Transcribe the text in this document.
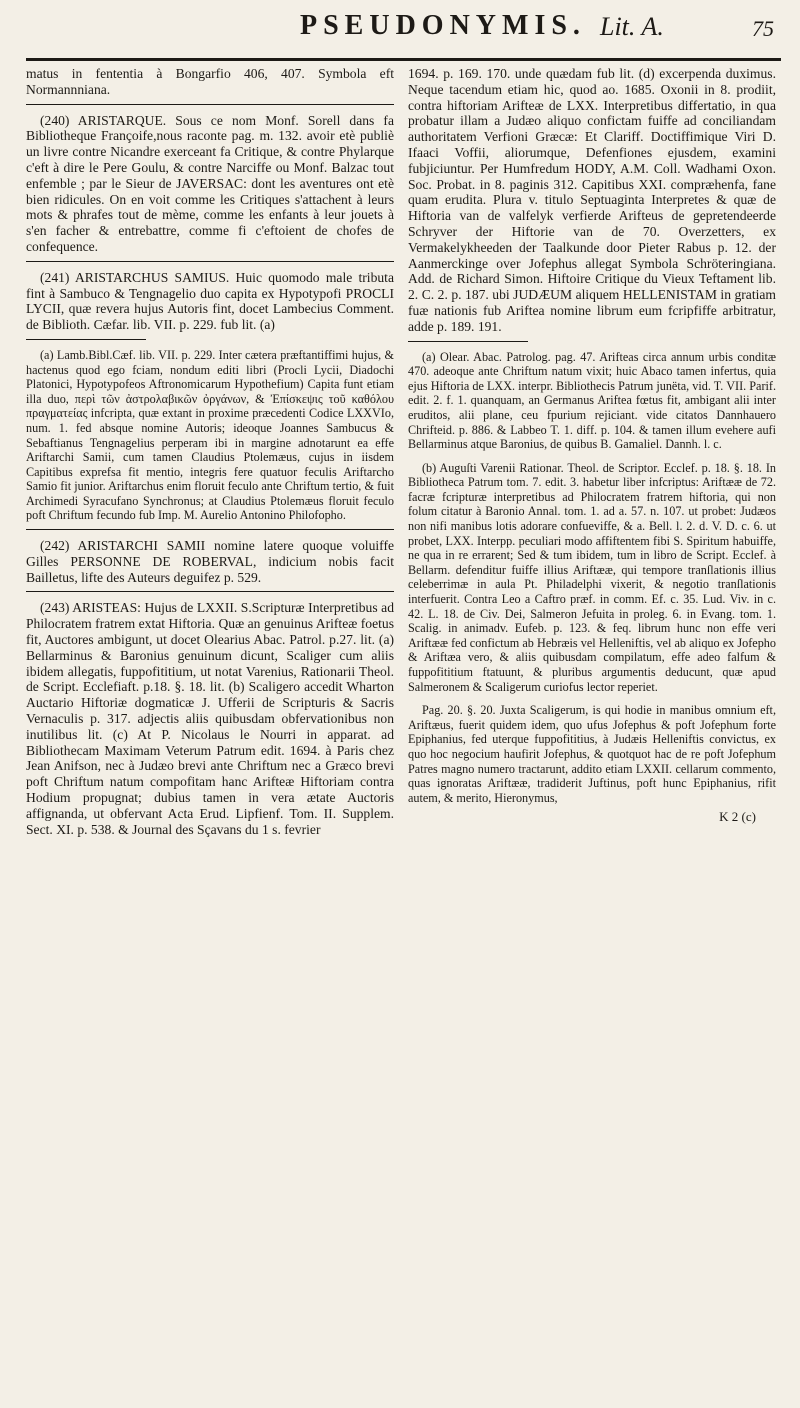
PSEUDONYMIS. Lit. A.	75

matus in fententia à Bongarfio 406, 407. Symbola eft Normannniana.

(240) ARISTARQUE. Sous ce nom Monf. Sorell dans fa Bibliotheque Françoife,nous raconte pag. m. 132. avoir etè publiè un livre contre Nicandre exerceant fa Critique, & contre Phylarque c'eft à dire le Pere Goulu, & contre Narciffe ou Monf. Balzac tout enfemble ; par le Sieur de JAVERSAC: dont les aventures ont etè bien ridicules. On en voit comme les Critiques s'attachent à leurs mots & phrafes tout de mème, comme les enfants à leur jouets à s'en facher & entrebattre, comme fi c'eftoient de chofes de confequence.

(241) ARISTARCHUS SAMIUS. Huic quomodo male tributa fint à Sambuco & Tengnagelio duo capita ex Hypotypofi PROCLI LYCII, quæ revera hujus Autoris fint, docet Lambecius Comment. de Biblioth. Cæfar. lib. VII. p. 229. fub lit. (a)

(a) Lamb.Bibl.Cæf. lib. VII. p. 229. Inter cætera præftantiffimi hujus, & hactenus quod ego fciam, nondum editi libri (Procli Lycii, Diadochi Platonici, Hypotypofeos Aftronomicarum Hypothefium) Capita funt etiam illa duo, περὶ τῶν ἀστρολαβικῶν ὀργάνων, & Ἐπίσκεψις τοῦ καθόλου πραγματείας infcripta, quæ extant in proxime præcedenti Codice LXXVIo, num. 1. fed absque nomine Autoris; ideoque Joannes Sambucus & Sebaftianus Tengnagelius perperam ibi in margine adnotarunt ea effe Ariftarchi Samii, cum tamen Claudius Ptolemæus, cujus in iisdem Capitibus exprefsa fit mentio, integris fere quatuor feculis Ariftarcho Samio fit junior. Ariftarchus enim floruit feculo ante Chriftum tertio, & fuit Archimedi Syracufano Synchronus; at Claudius Ptolemæus floruit feculo poft Chriftum fecundo fub Imp. M. Aurelio Antonino Philofopho.

(242) ARISTARCHI SAMII nomine latere quoque voluiffe Gilles PERSONNE DE ROBERVAL, indicium nobis facit Bailletus, lifte des Auteurs deguifez p. 529.

(243) ARISTEAS: Hujus de LXXII. S.Scripturæ Interpretibus ad Philocratem fratrem extat Hiftoria. Quæ an genuinus Arifteæ foetus fit, Auctores ambigunt, ut docet Olearius Abac. Patrol. p.27. lit. (a) Bellarminus & Baronius genuinum dicunt, Scaliger cum aliis ibidem allegatis, fuppofititium, ut notat Varenius, Rationarii Theol. de Script. Ecclefiaft. p.18. §. 18. lit. (b) Scaligero accedit Wharton Auctario Hiftoriæ dogmaticæ J. Ufferii de Scripturis & Sacris Vernaculis p. 317. adjectis aliis quibusdam obfervationibus non inutilibus lit. (c) At P. Nicolaus le Nourri in apparat. ad Bibliothecam Maximam Veterum Patrum edit. 1694. à Paris chez Jean Anifson, nec à Judæo brevi ante Chriftum nec a Græco brevi poft Chriftum natum compofitam hanc Arifteæ Hiftoriam contra Hodium propugnat; dubius tamen in vera ætate Auctoris affignanda, ut obfervant Acta Erud. Lipfienf. Tom. II. Supplem. Sect. XI. p. 538. & Journal des Sçavans du 1 s. fevrier

1694. p. 169. 170. unde quædam fub lit. (d) excerpenda duximus. Neque tacendum etiam hic, quod ao. 1685. Oxonii in 8. prodiit, contra hiftoriam Arifteæ de LXX. Interpretibus differtatio, in qua probatur illam a Judæo aliquo confictam fuiffe ad conciliandam authoritatem Verfioni Græcæ: Et Clariff. Doctiffimique Viri D. Ifaaci Voffii, aliorumque, Defenfiones ejusdem, examini fubjiciuntur. Per Humfredum HODY, A.M. Coll. Wadhami Oxon. Soc. Probat. in 8. paginis 312. Capitibus XXI. compræhenfa, fane quam erudita. Plura v. titulo Septuaginta Interpretes & quæ de Hiftoria van de valfelyk verfierde Arifteus de gepretendeerde Schryver der Hiftorie van de 70. Overzetters, ex Vermakelykheeden der Taalkunde door Pieter Rabus p. 12. der Aanmerckinge over Jofephus allegat Symbola Schröteringiana. Add. de Richard Simon. Hiftoire Critique du Vieux Teftament lib. 2. C. 2. p. 187. ubi JUDÆUM aliquem HELLENISTAM in gratiam fuæ nationis fub Ariftea nomine librum eum fcripfiffe arbitratur, adde p. 189. 191.

(a) Olear. Abac. Patrolog. pag. 47. Arifteas circa annum urbis conditæ 470. adeoque ante Chriftum natum vixit; huic Abaco tamen infertus, quia ejus Hiftoria de LXX. interpr. Bibliothecis Patrum junëta, vid. T. VII. Parif. edit. 2. f. 1. quanquam, an Germanus Ariftea fœtus fit, ambigant alii inter eruditos, alii plane, ceu fpurium rejiciant. vide citatos Dannhauero Chrifteid. p. 886. & Labbeo T. 1. diff. p. 104. & tamen illum evehere aufi Bellarminus atque Baronius, de quibus B. Gamaliel. Dannh. l. c.

(b) Auguſti Varenii Rationar. Theol. de Scriptor. Ecclef. p. 18. §. 18. In Bibliotheca Patrum tom. 7. edit. 3. habetur liber infcriptus: Ariftææ de 72. facræ fcripturæ interpretibus ad Philocratem fratrem hiftoria, qui non folum citatur à Baronio Annal. tom. 1. ad a. 57. n. 107. ut probet: Judæos non nifi manibus lotis adorare confueviffe, & a. Bell. l. 2. d. V. D. c. 6. ut probet, LXX. Interpp. peculiari modo affiftentem fibi S. Spiritum habuiffe, ne qua in re errarent; Sed & tum ibidem, tum in libro de Script. Ecclef. à Bellarm. defenditur fuiffe illius Ariftææ, qui tempore tranſlationis illius celeberrimæ in aula Pt. Philadelphi vixerit, & negotio tranſlationis interfuerit. Contra Leo a Caftro præf. in comm. Ef. c. 35. Lud. Viv. in c. 42. L. 18. de Civ. Dei, Salmeron Jefuita in proleg. 6. in Evang. tom. 1. Scalig. in animadv. Eufeb. p. 123. & feq. librum hunc non effe veri Ariftææ fed confictum ab Hebræis vel Helleniftis, vel ab aliquo ex Jofepho & Ariftæa vero, & aliis quibusdam compilatum, effe adeo falfum & fuppofititium ftatuunt, & pluribus argumentis deducunt, quæ apud Salmeronem & Scaligerum curiofus lector reperiet.

Pag. 20. §. 20. Juxta Scaligerum, is qui hodie in manibus omnium eft, Ariftæus, fuerit quidem idem, quo ufus Jofephus & poft Jofephum forte Epiphanius, fed uterque fuppofititius, à Judæis Helleniftis convictus, ex quo hoc negocium haufirit Jofephus, & quotquot hac de re poft Jofephum Patres magno numero tractarunt, addito etiam LXXII. cellarum commento, quas ignoratas Ariftææ, tradiderit Juftinus, poft hunc Epiphanius, rifit autem, & merito, Hieronymus,

K 2 (c)
